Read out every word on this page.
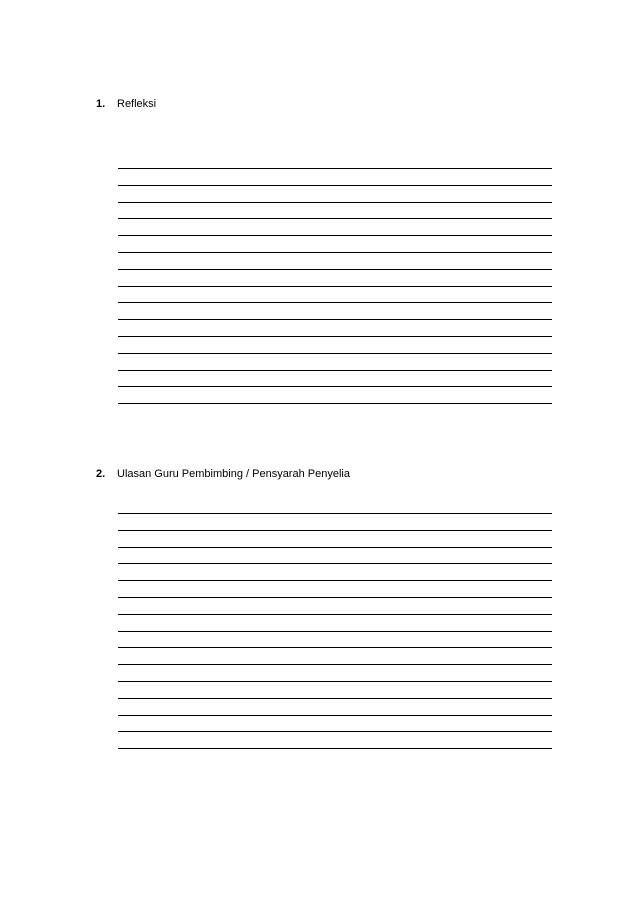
1. Refleksi
2. Ulasan Guru Pembimbing / Pensyarah Penyelia
